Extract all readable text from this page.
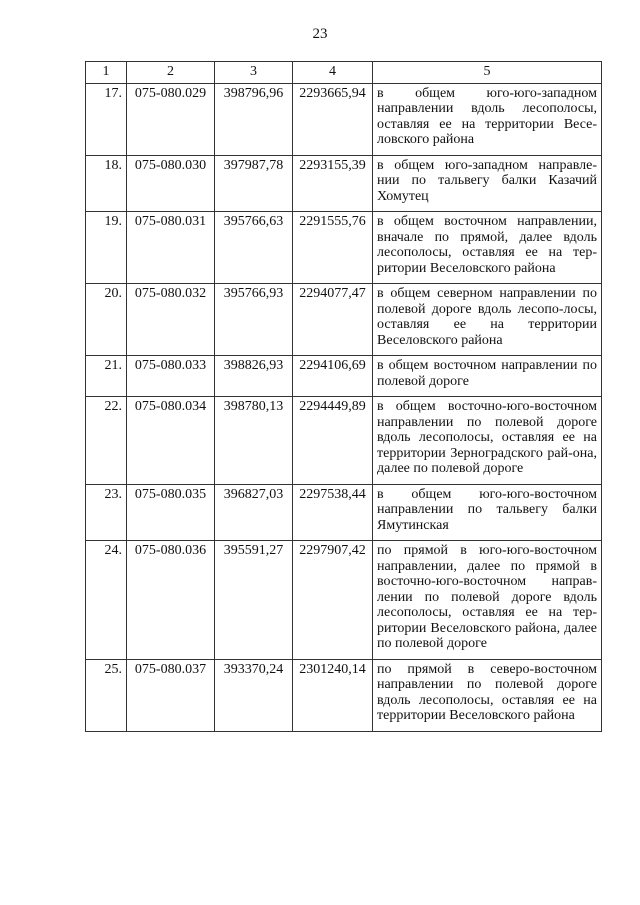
23
1	2	3	4	5
17.	075-080.029	398796,96	2293665,94	в общем юго-юго-западном направлении вдоль лесополосы, оставляя ее на территории Весе-ловского района
18.	075-080.030	397987,78	2293155,39	в общем юго-западном направле-нии по тальвегу балки Казачий Хомутец
19.	075-080.031	395766,63	2291555,76	в общем восточном направлении, вначале по прямой, далее вдоль лесополосы, оставляя ее на тер-ритории Веселовского района
20.	075-080.032	395766,93	2294077,47	в общем северном направлении по полевой дороге вдоль лесопо-лосы, оставляя ее на территории Веселовского района
21.	075-080.033	398826,93	2294106,69	в общем восточном направлении по полевой дороге
22.	075-080.034	398780,13	2294449,89	в общем восточно-юго-восточном направлении по полевой дороге вдоль лесополосы, оставляя ее на территории Зерноградского рай-она, далее по полевой дороге
23.	075-080.035	396827,03	2297538,44	в общем юго-юго-восточном направлении по тальвегу балки Ямутинская
24.	075-080.036	395591,27	2297907,42	по прямой в юго-юго-восточном направлении, далее по прямой в восточно-юго-восточном направ-лении по полевой дороге вдоль лесополосы, оставляя ее на тер-ритории Веселовского района, далее по полевой дороге
25.	075-080.037	393370,24	2301240,14	по прямой в северо-восточном направлении по полевой дороге вдоль лесополосы, оставляя ее на территории Веселовского района
